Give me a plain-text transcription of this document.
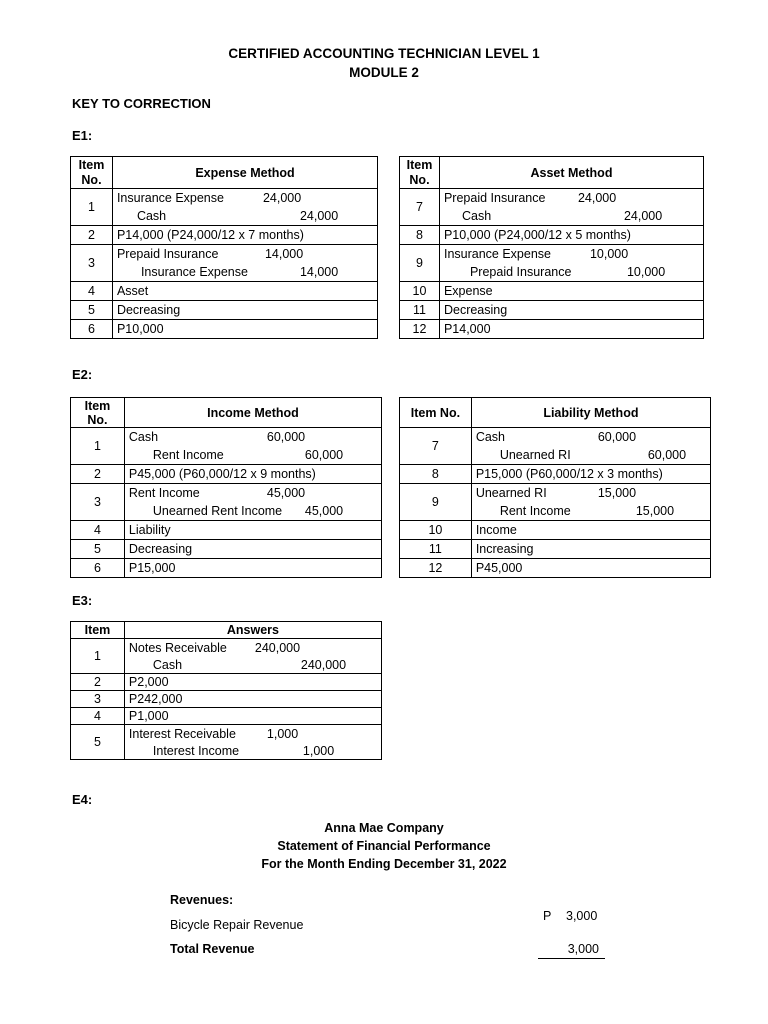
CERTIFIED ACCOUNTING TECHNICIAN LEVEL 1
MODULE 2
KEY TO CORRECTION
E1:
Item No.	Expense Method
1	Insurance Expense 24,000
Cash 24,000

2	P14,000 (P24,000/12 x 7 months)
3	Prepaid Insurance 14,000
Insurance Expense 14,000

4	Asset
5	Decreasing
6	P10,000
Item No.	Asset Method
7	Prepaid Insurance 24,000
Cash 24,000

8	P10,000 (P24,000/12 x 5 months)
9	Insurance Expense 10,000
Prepaid Insurance 10,000

10	Expense
11	Decreasing
12	P14,000
E2:
Item No.	Income Method
1	Cash 60,000
Rent Income 60,000

2	P45,000 (P60,000/12 x 9 months)
3	Rent Income 45,000
Unearned Rent Income 45,000

4	Liability
5	Decreasing
6	P15,000
Item No.	Liability Method
7	Cash 60,000
Unearned RI 60,000

8	P15,000 (P60,000/12 x 3 months)
9	Unearned RI 15,000
Rent Income 15,000

10	Income
11	Increasing
12	P45,000
E3:
Item	Answers
1	Notes Receivable 240,000
Cash 240,000

2	P2,000
3	P242,000
4	P1,000
5	Interest Receivable 1,000
Interest Income 1,000
E4:
Anna Mae Company
Statement of Financial Performance
For the Month Ending December 31, 2022
Revenues:
Bicycle Repair Revenue
P 3,000
Total Revenue	3,000
